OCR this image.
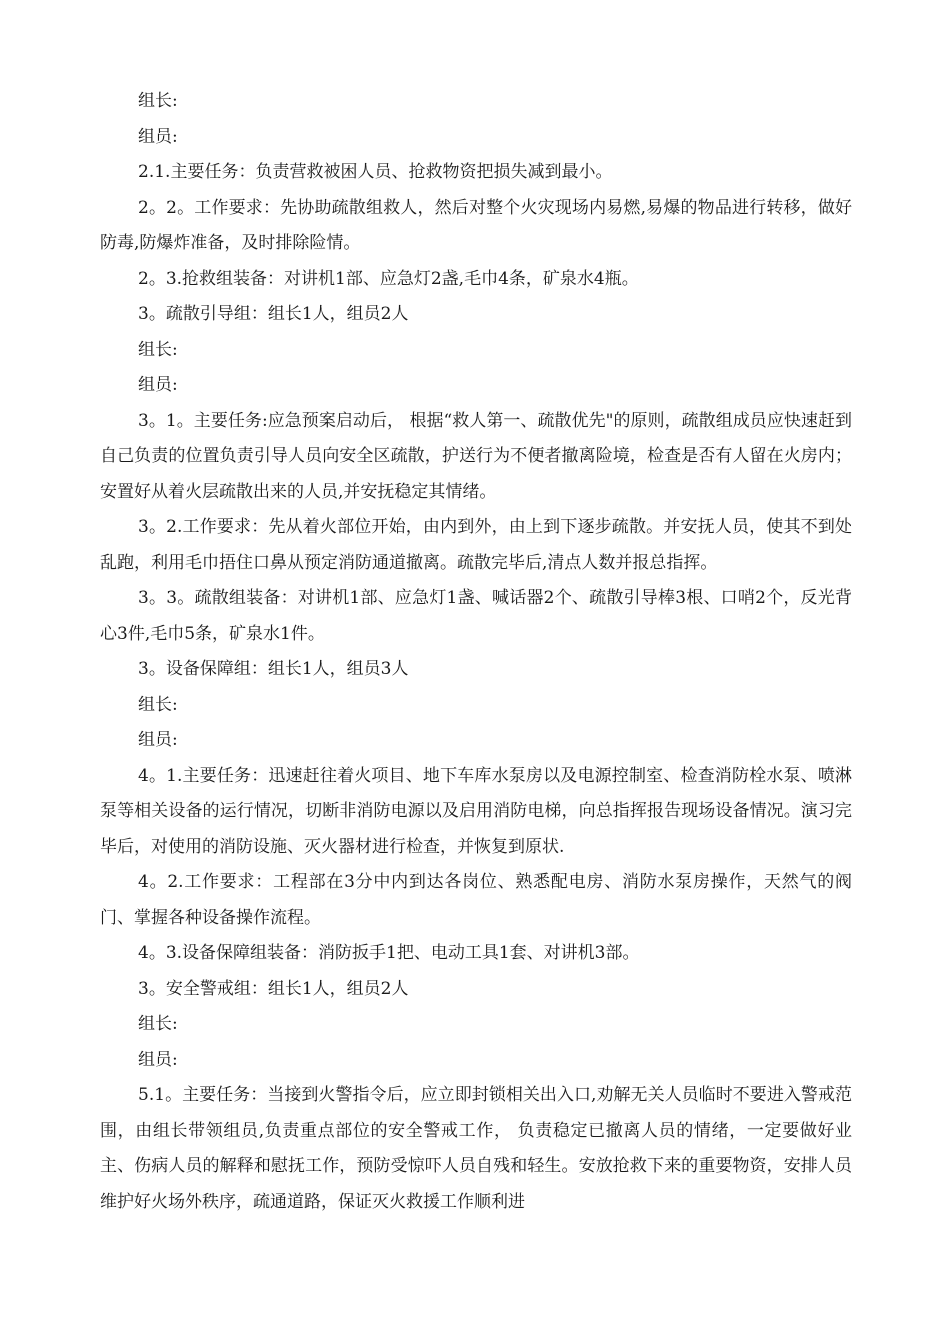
组长:

组员:

2.1.主要任务：负责营救被困人员、抢救物资把损失减到最小。

2。2。工作要求：先协助疏散组救人，然后对整个火灾现场内易燃,易爆的物品进行转移，做好防毒,防爆炸准备，及时排除险情。

2。3.抢救组装备：对讲机1部、应急灯2盏,毛巾4条，矿泉水4瓶。

3。疏散引导组：组长1人，组员2人

组长:

组员:

3。1。主要任务:应急预案启动后， 根据“救人第一、疏散优先"的原则，疏散组成员应快速赶到自己负责的位置负责引导人员向安全区疏散，护送行为不便者撤离险境，检查是否有人留在火房内；安置好从着火层疏散出来的人员,并安抚稳定其情绪。

3。2.工作要求：先从着火部位开始，由内到外，由上到下逐步疏散。并安抚人员，使其不到处乱跑，利用毛巾捂住口鼻从预定消防通道撤离。疏散完毕后,清点人数并报总指挥。

3。3。疏散组装备：对讲机1部、应急灯1盏、喊话器2个、疏散引导棒3根、口哨2个，反光背心3件,毛巾5条，矿泉水1件。

3。设备保障组：组长1人，组员3人

组长:

组员:

4。1.主要任务：迅速赶往着火项目、地下车库水泵房以及电源控制室、检查消防栓水泵、喷淋泵等相关设备的运行情况，切断非消防电源以及启用消防电梯，向总指挥报告现场设备情况。演习完毕后，对使用的消防设施、灭火器材进行检查，并恢复到原状.

4。2.工作要求：工程部在3分中内到达各岗位、熟悉配电房、消防水泵房操作，天然气的阀门、掌握各种设备操作流程。

4。3.设备保障组装备：消防扳手1把、电动工具1套、对讲机3部。

3。安全警戒组：组长1人，组员2人

组长:

组员:

5.1。主要任务：当接到火警指令后，应立即封锁相关出入口,劝解无关人员临时不要进入警戒范围，由组长带领组员,负责重点部位的安全警戒工作， 负责稳定已撤离人员的情绪，一定要做好业主、伤病人员的解释和慰抚工作，预防受惊吓人员自残和轻生。安放抢救下来的重要物资，安排人员维护好火场外秩序，疏通道路，保证灭火救援工作顺利进
